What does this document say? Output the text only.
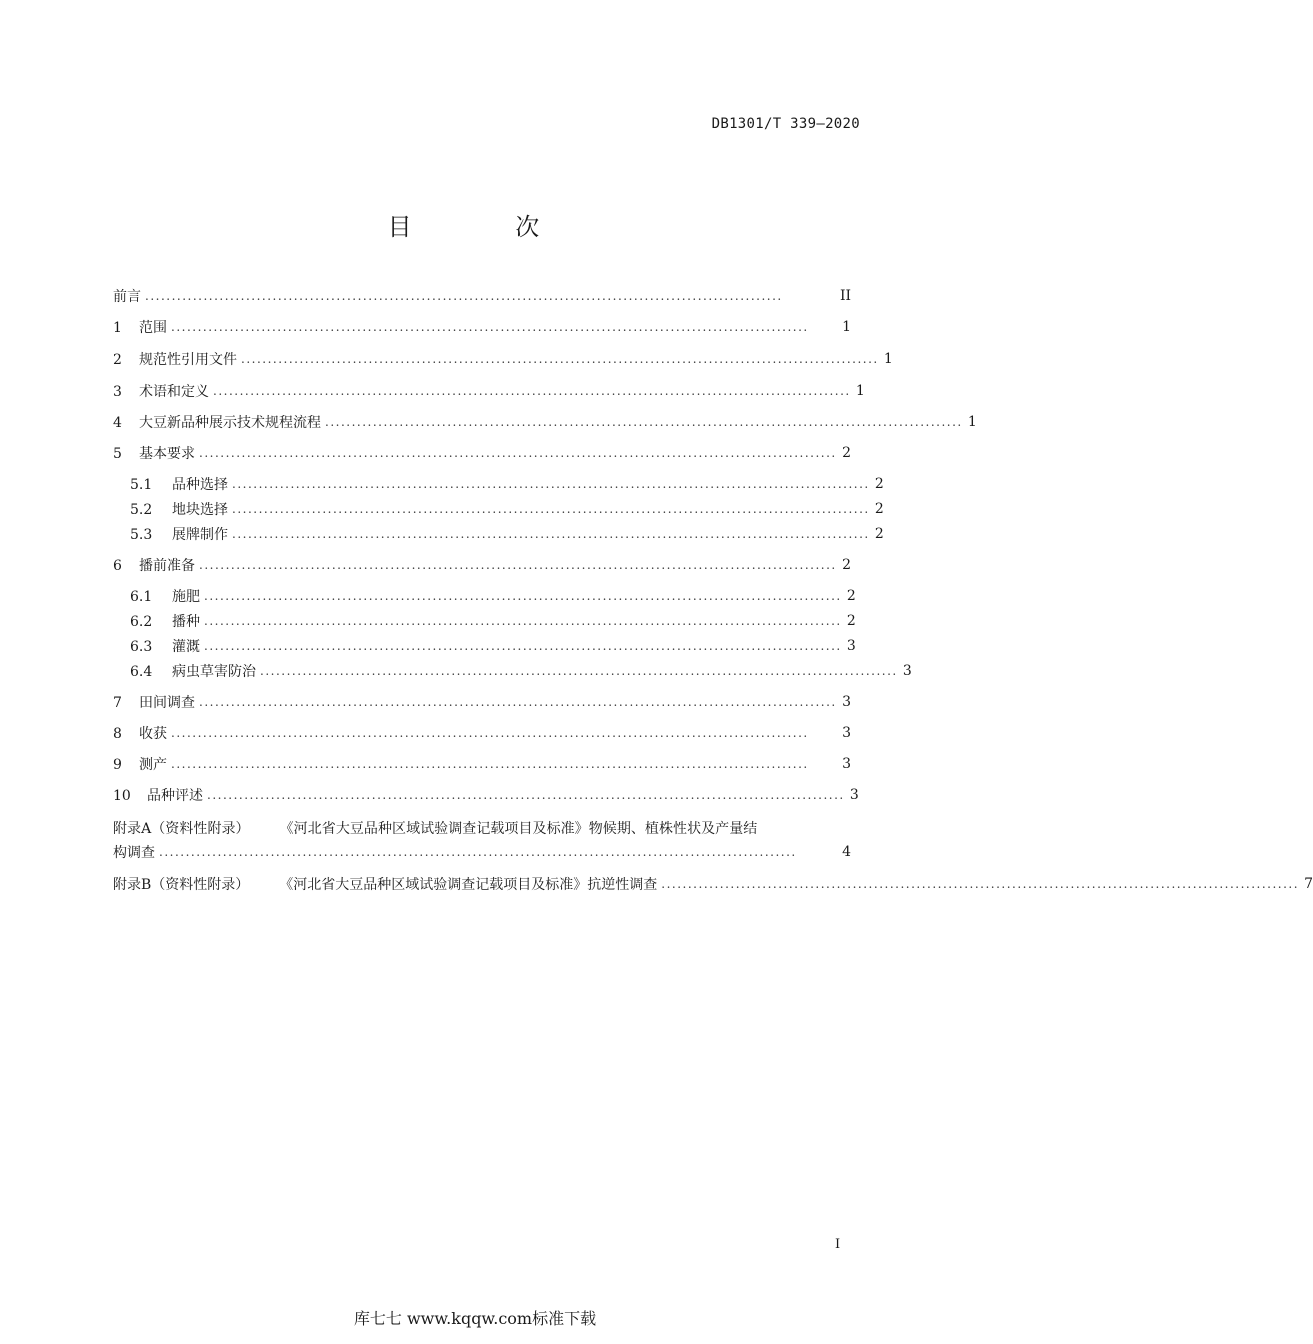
DB1301/T 339—2020
目 次
前言 ........................................................................................................................	II
1 范围 ........................................................................................................................	1
2 规范性引用文件 ........................................................................................................................ 1
3 术语和定义 ........................................................................................................................ 1
4 大豆新品种展示技术规程流程 ........................................................................................................................ 1
5 基本要求 ........................................................................................................................ 2
5.1 品种选择 ........................................................................................................................ 2
5.2 地块选择 ........................................................................................................................ 2
5.3 展牌制作 ........................................................................................................................ 2
6 播前准备 ........................................................................................................................ 2
6.1 施肥 ........................................................................................................................ 2
6.2 播种 ........................................................................................................................ 2
6.3 灌溉 ........................................................................................................................ 3
6.4 病虫草害防治 ........................................................................................................................ 3
7 田间调查 ........................................................................................................................ 3
8 收获 ........................................................................................................................	3
9 测产 ........................................................................................................................	3
10 品种评述 ........................................................................................................................ 3
附录A（资料性附录） 《河北省大豆品种区域试验调查记载项目及标准》物候期、植株性状及产量结
构调查 ........................................................................................................................	4
附录B（资料性附录） 《河北省大豆品种区域试验调查记载项目及标准》抗逆性调查 ........................................................................................................................ 7
I
库七七 www.kqqw.com标准下载
